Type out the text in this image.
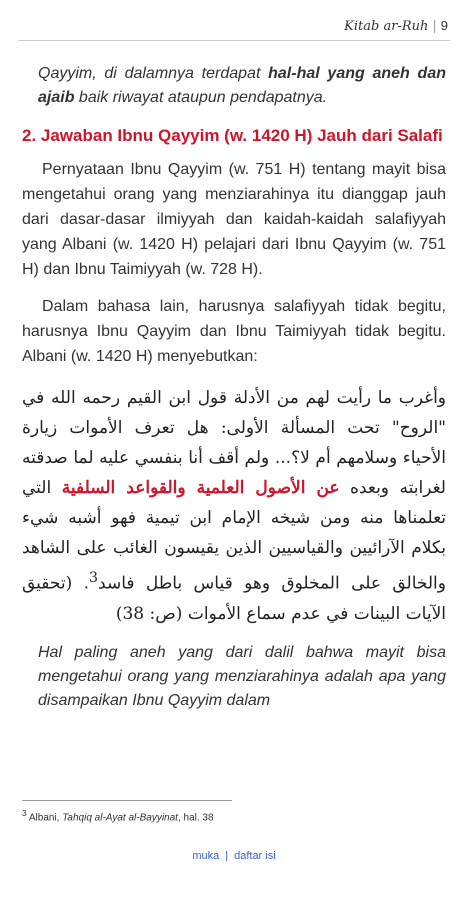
Kitab ar-Ruh | 9

Qayyim, di dalamnya terdapat hal-hal yang aneh dan ajaib baik riwayat ataupun pendapatnya.

2. Jawaban Ibnu Qayyim (w. 1420 H) Jauh dari Salafi

Pernyataan Ibnu Qayyim (w. 751 H) tentang mayit bisa mengetahui orang yang menziarahinya itu dianggap jauh dari dasar-dasar ilmiyyah dan kaidah-kaidah salafiyyah yang Albani (w. 1420 H) pelajari dari Ibnu Qayyim (w. 751 H) dan Ibnu Taimiyyah (w. 728 H).

Dalam bahasa lain, harusnya salafiyyah tidak begitu, harusnya Ibnu Qayyim dan Ibnu Taimiyyah tidak begitu. Albani (w. 1420 H) menyebutkan:

وأغرب ما رأيت لهم من الأدلة قول ابن القيم رحمه الله في "الروح" تحت المسألة الأولى: هل تعرف الأموات زيارة الأحياء وسلامهم أم لا؟... ولم أقف أنا بنفسي عليه لما صدقته لغرابته وبعده عن الأصول العلمية والقواعد السلفية التي تعلمناها منه ومن شيخه الإمام ابن تيمية فهو أشبه شيء بكلام الآرائيين والقياسيين الذين يقيسون الغائب على الشاهد والخالق على المخلوق وهو قياس باطل فاسد$^3$. (تحقيق الآيات البينات في عدم سماع الأموات (ص: 38)

Hal paling aneh yang dari dalil bahwa mayit bisa mengetahui orang yang menziarahinya adalah apa yang disampaikan Ibnu Qayyim dalam

$^3$ Albani, Tahqiq al-Ayat al-Bayyinat, hal. 38
muka | daftar isi
